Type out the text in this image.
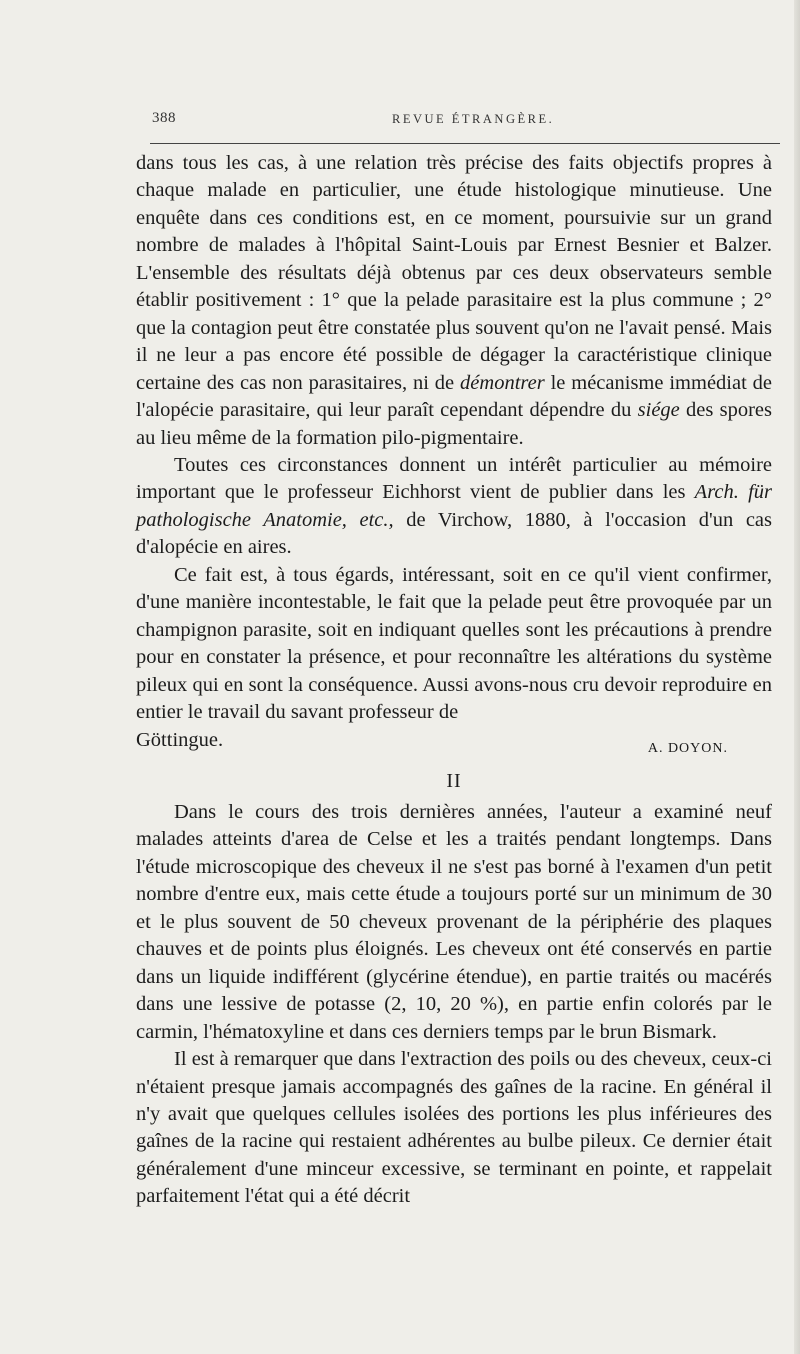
388	REVUE ÉTRANGÈRE.

dans tous les cas, à une relation très précise des faits objectifs propres à chaque malade en particulier, une étude histologique minutieuse. Une enquête dans ces conditions est, en ce moment, poursuivie sur un grand nombre de malades à l'hôpital Saint-Louis par Ernest Besnier et Balzer. L'ensemble des résultats déjà obtenus par ces deux observateurs semble établir positivement : 1° que la pelade parasitaire est la plus commune ; 2° que la contagion peut être constatée plus souvent qu'on ne l'avait pensé. Mais il ne leur a pas encore été possible de dégager la caractéristique clinique certaine des cas non parasitaires, ni de démontrer le mécanisme immédiat de l'alopécie parasitaire, qui leur paraît cependant dépendre du siége des spores au lieu même de la formation pilo-pigmentaire.

Toutes ces circonstances donnent un intérêt particulier au mémoire important que le professeur Eichhorst vient de publier dans les Arch. für pathologische Anatomie, etc., de Virchow, 1880, à l'occasion d'un cas d'alopécie en aires.

Ce fait est, à tous égards, intéressant, soit en ce qu'il vient confirmer, d'une manière incontestable, le fait que la pelade peut être provoquée par un champignon parasite, soit en indiquant quelles sont les précautions à prendre pour en constater la présence, et pour reconnaître les altérations du système pileux qui en sont la conséquence. Aussi avons-nous cru devoir reproduire en entier le travail du savant professeur de

Göttingue.	A. DOYON.
II

Dans le cours des trois dernières années, l'auteur a examiné neuf malades atteints d'area de Celse et les a traités pendant longtemps. Dans l'étude microscopique des cheveux il ne s'est pas borné à l'examen d'un petit nombre d'entre eux, mais cette étude a toujours porté sur un minimum de 30 et le plus souvent de 50 cheveux provenant de la périphérie des plaques chauves et de points plus éloignés. Les cheveux ont été conservés en partie dans un liquide indifférent (glycérine étendue), en partie traités ou macérés dans une lessive de potasse (2, 10, 20 %), en partie enfin colorés par le carmin, l'hématoxyline et dans ces derniers temps par le brun Bismark.

Il est à remarquer que dans l'extraction des poils ou des cheveux, ceux-ci n'étaient presque jamais accompagnés des gaînes de la racine. En général il n'y avait que quelques cellules isolées des portions les plus inférieures des gaînes de la racine qui restaient adhérentes au bulbe pileux. Ce dernier était généralement d'une minceur excessive, se terminant en pointe, et rappelait parfaitement l'état qui a été décrit
